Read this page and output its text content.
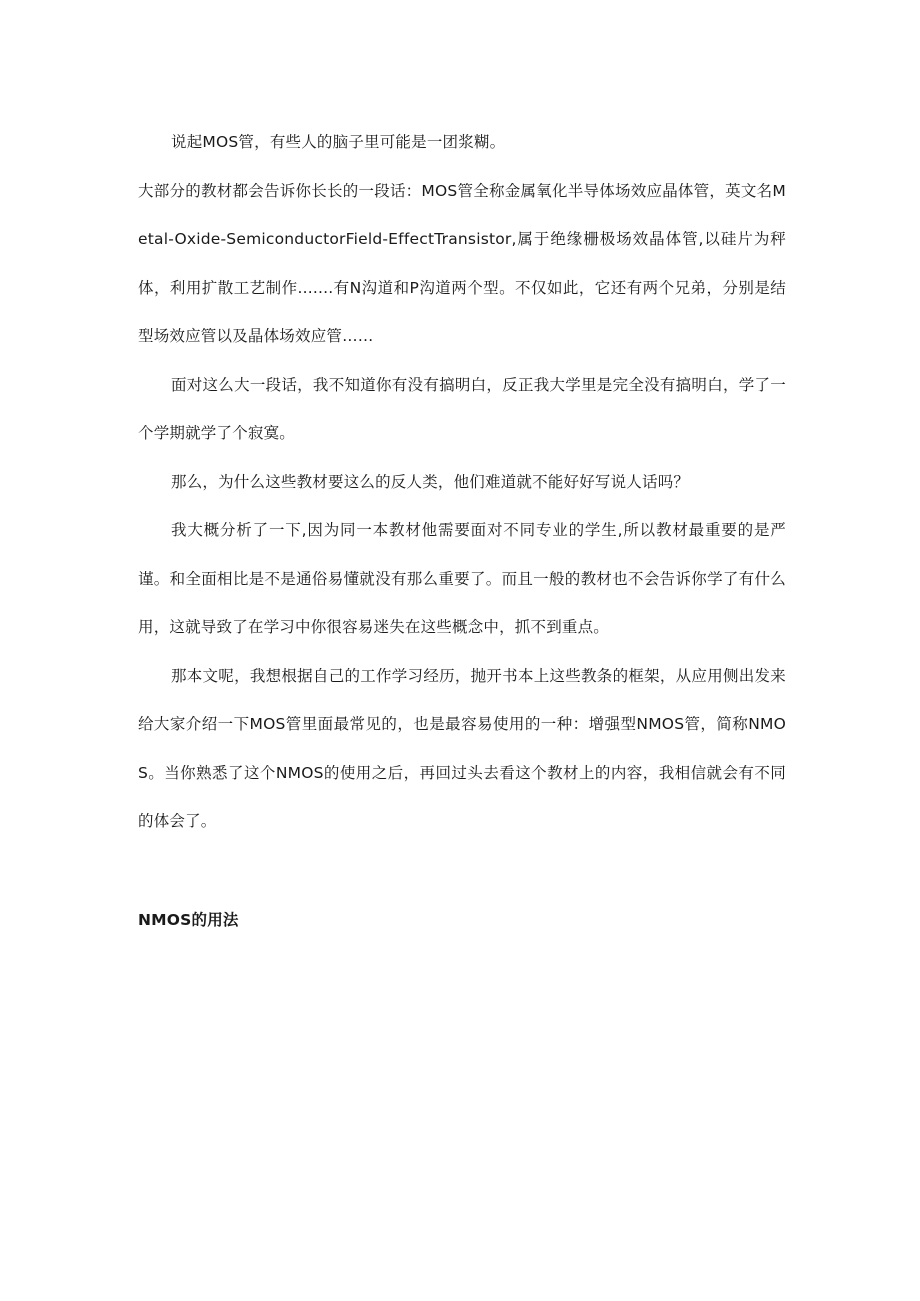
说起MOS管，有些人的脑子里可能是一团浆糊。

大部分的教材都会告诉你长长的一段话：MOS管全称金属氧化半导体场效应晶体管，英文名Metal-Oxide-SemiconductorField-EffectTransistor,属于绝缘栅极场效晶体管,以硅片为秤体，利用扩散工艺制作.......有N沟道和P沟道两个型。不仅如此，它还有两个兄弟，分别是结型场效应管以及晶体场效应管……

面对这么大一段话，我不知道你有没有搞明白，反正我大学里是完全没有搞明白，学了一个学期就学了个寂寞。

那么，为什么这些教材要这么的反人类，他们难道就不能好好写说人话吗？

我大概分析了一下,因为同一本教材他需要面对不同专业的学生,所以教材最重要的是严谨。和全面相比是不是通俗易懂就没有那么重要了。而且一般的教材也不会告诉你学了有什么用，这就导致了在学习中你很容易迷失在这些概念中，抓不到重点。

那本文呢，我想根据自己的工作学习经历，抛开书本上这些教条的框架，从应用侧出发来给大家介绍一下MOS管里面最常见的，也是最容易使用的一种：增强型NMOS管，简称NMOS。当你熟悉了这个NMOS的使用之后，再回过头去看这个教材上的内容，我相信就会有不同的体会了。

NMOS的用法
